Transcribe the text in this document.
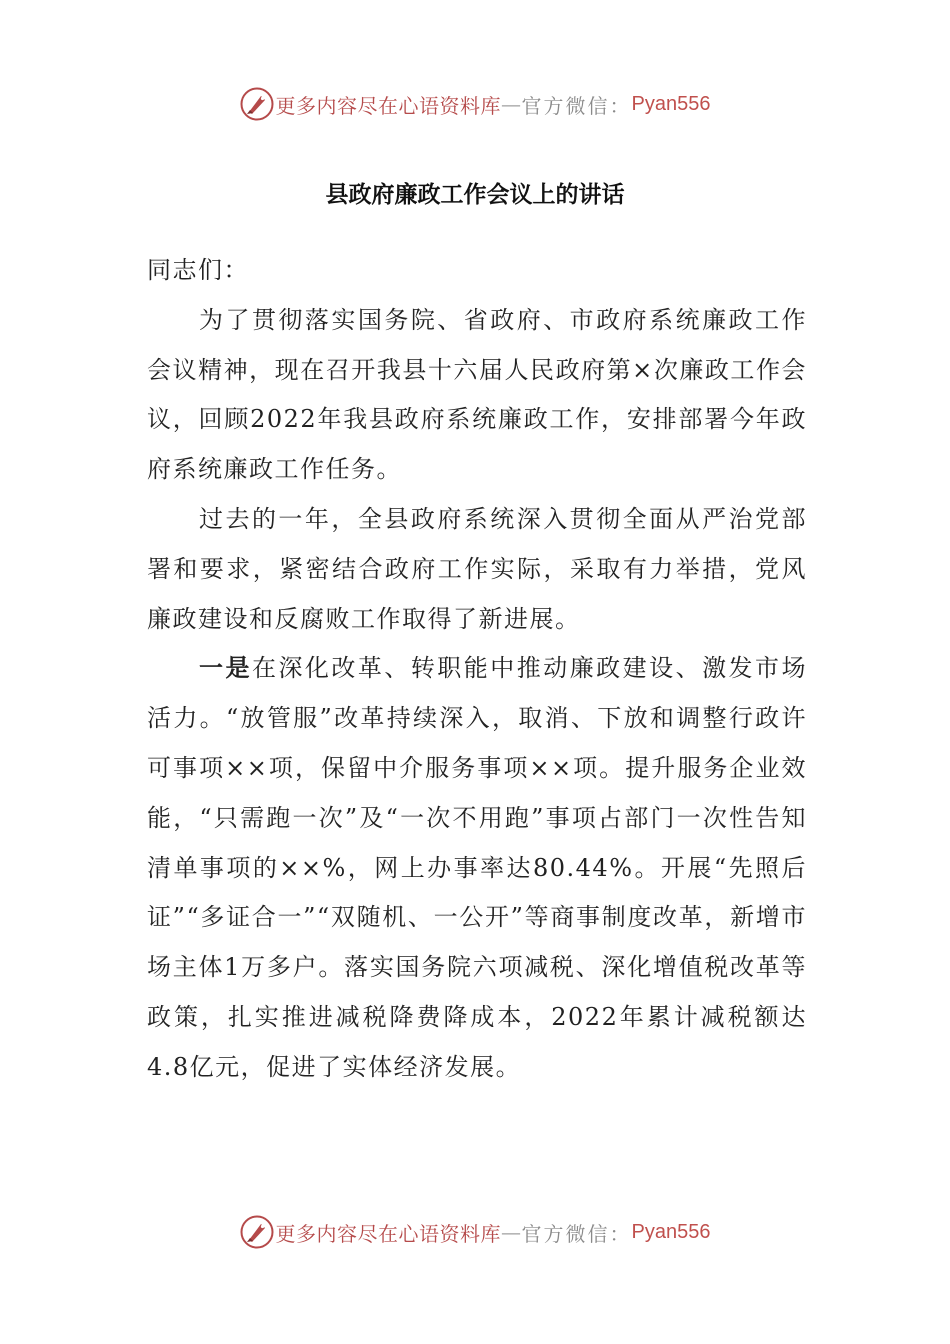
更多内容尽在心语资料库 — 官方微信： Pyan556
县政府廉政工作会议上的讲话

同志们：

为了贯彻落实国务院、省政府、市政府系统廉政工作会议精神，现在召开我县十六届人民政府第×次廉政工作会议，回顾2022年我县政府系统廉政工作，安排部署今年政府系统廉政工作任务。

过去的一年，全县政府系统深入贯彻全面从严治党部署和要求，紧密结合政府工作实际，采取有力举措，党风廉政建设和反腐败工作取得了新进展。

一是在深化改革、转职能中推动廉政建设、激发市场活力。“放管服”改革持续深入，取消、下放和调整行政许可事项××项，保留中介服务事项××项。提升服务企业效能，“只需跑一次”及“一次不用跑”事项占部门一次性告知清单事项的××%，网上办事率达80.44%。开展“先照后证”“多证合一”“双随机、一公开”等商事制度改革，新增市场主体1万多户。落实国务院六项减税、深化增值税改革等政策，扎实推进减税降费降成本，2022年累计减税额达4.8亿元，促进了实体经济发展。

更多内容尽在心语资料库 — 官方微信： Pyan556
